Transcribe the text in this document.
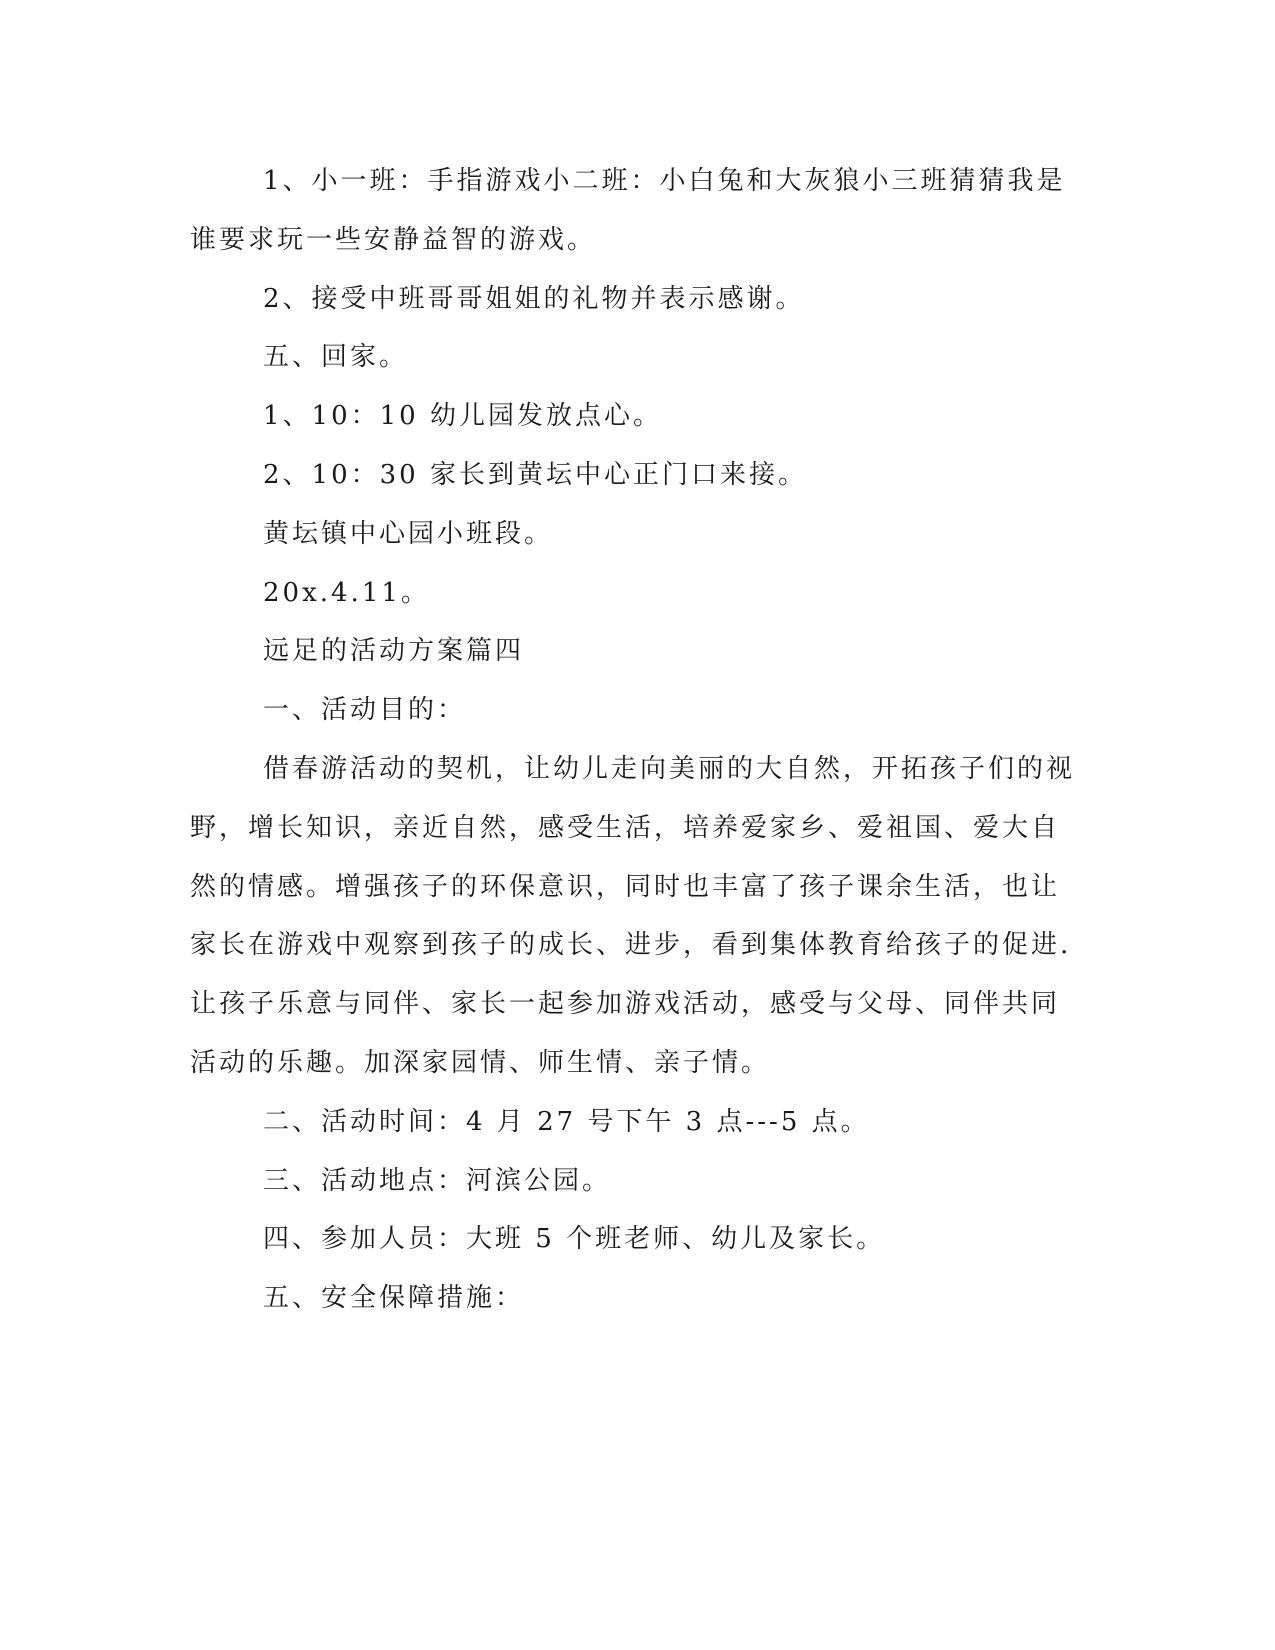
1、小一班：手指游戏小二班：小白兔和大灰狼小三班猜猜我是
谁要求玩一些安静益智的游戏。
2、接受中班哥哥姐姐的礼物并表示感谢。
五、回家。
1、10：10 幼儿园发放点心。
2、10：30 家长到黄坛中心正门口来接。
黄坛镇中心园小班段。
20x.4.11。
远足的活动方案篇四
一、活动目的：
借春游活动的契机，让幼儿走向美丽的大自然，开拓孩子们的视
野，增长知识，亲近自然，感受生活，培养爱家乡、爱祖国、爱大自
然的情感。增强孩子的环保意识，同时也丰富了孩子课余生活，也让
家长在游戏中观察到孩子的成长、进步，看到集体教育给孩子的促进.
让孩子乐意与同伴、家长一起参加游戏活动，感受与父母、同伴共同
活动的乐趣。加深家园情、师生情、亲子情。
二、活动时间：4 月 27 号下午 3 点---5 点。
三、活动地点：河滨公园。
四、参加人员：大班 5 个班老师、幼儿及家长。
五、安全保障措施：
